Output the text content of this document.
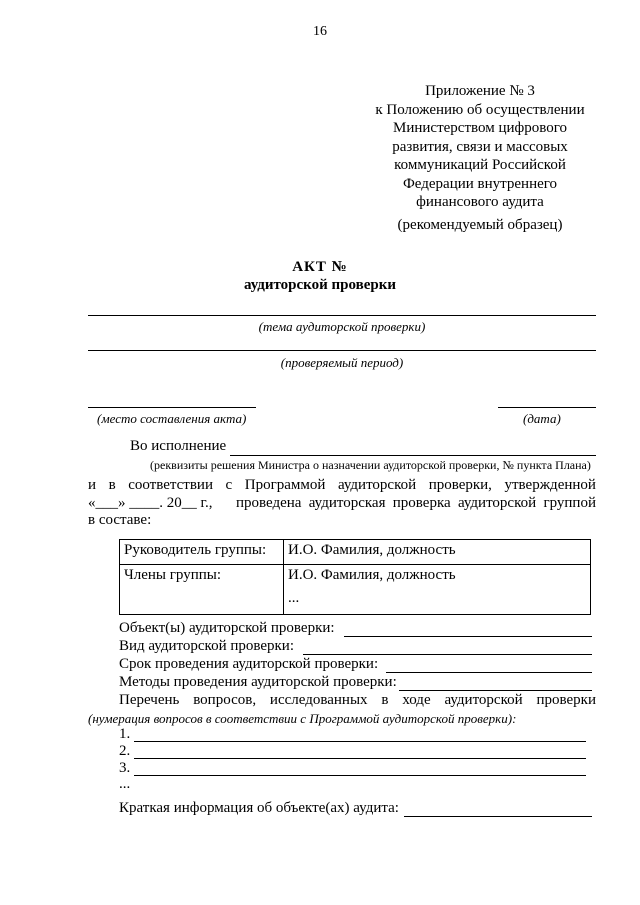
16
Приложение № 3
к Положению об осуществлении
Министерством цифрового
развития, связи и массовых
коммуникаций Российской
Федерации внутреннего
финансового аудита
(рекомендуемый образец)
АКТ №
аудиторской проверки
(тема аудиторской проверки)
(проверяемый период)
(место составления акта)	(дата)
Во исполнение
(реквизиты решения Министра о назначении аудиторской проверки, № пункта Плана)
и в соответствии с Программой аудиторской проверки, утвержденной
«___» ____. 20__ г., проведена аудиторская проверка аудиторской группой
в составе:
Руководитель группы:	И.О. Фамилия, должность
Члены группы:	И.О. Фамилия, должность
...
Объект(ы) аудиторской проверки:
Вид аудиторской проверки:
Срок проведения аудиторской проверки:
Методы проведения аудиторской проверки:
Перечень вопросов, исследованных в ходе аудиторской проверки
(нумерация вопросов в соответствии с Программой аудиторской проверки):
1.
2.
3.
...
Краткая информация об объекте(ах) аудита:
